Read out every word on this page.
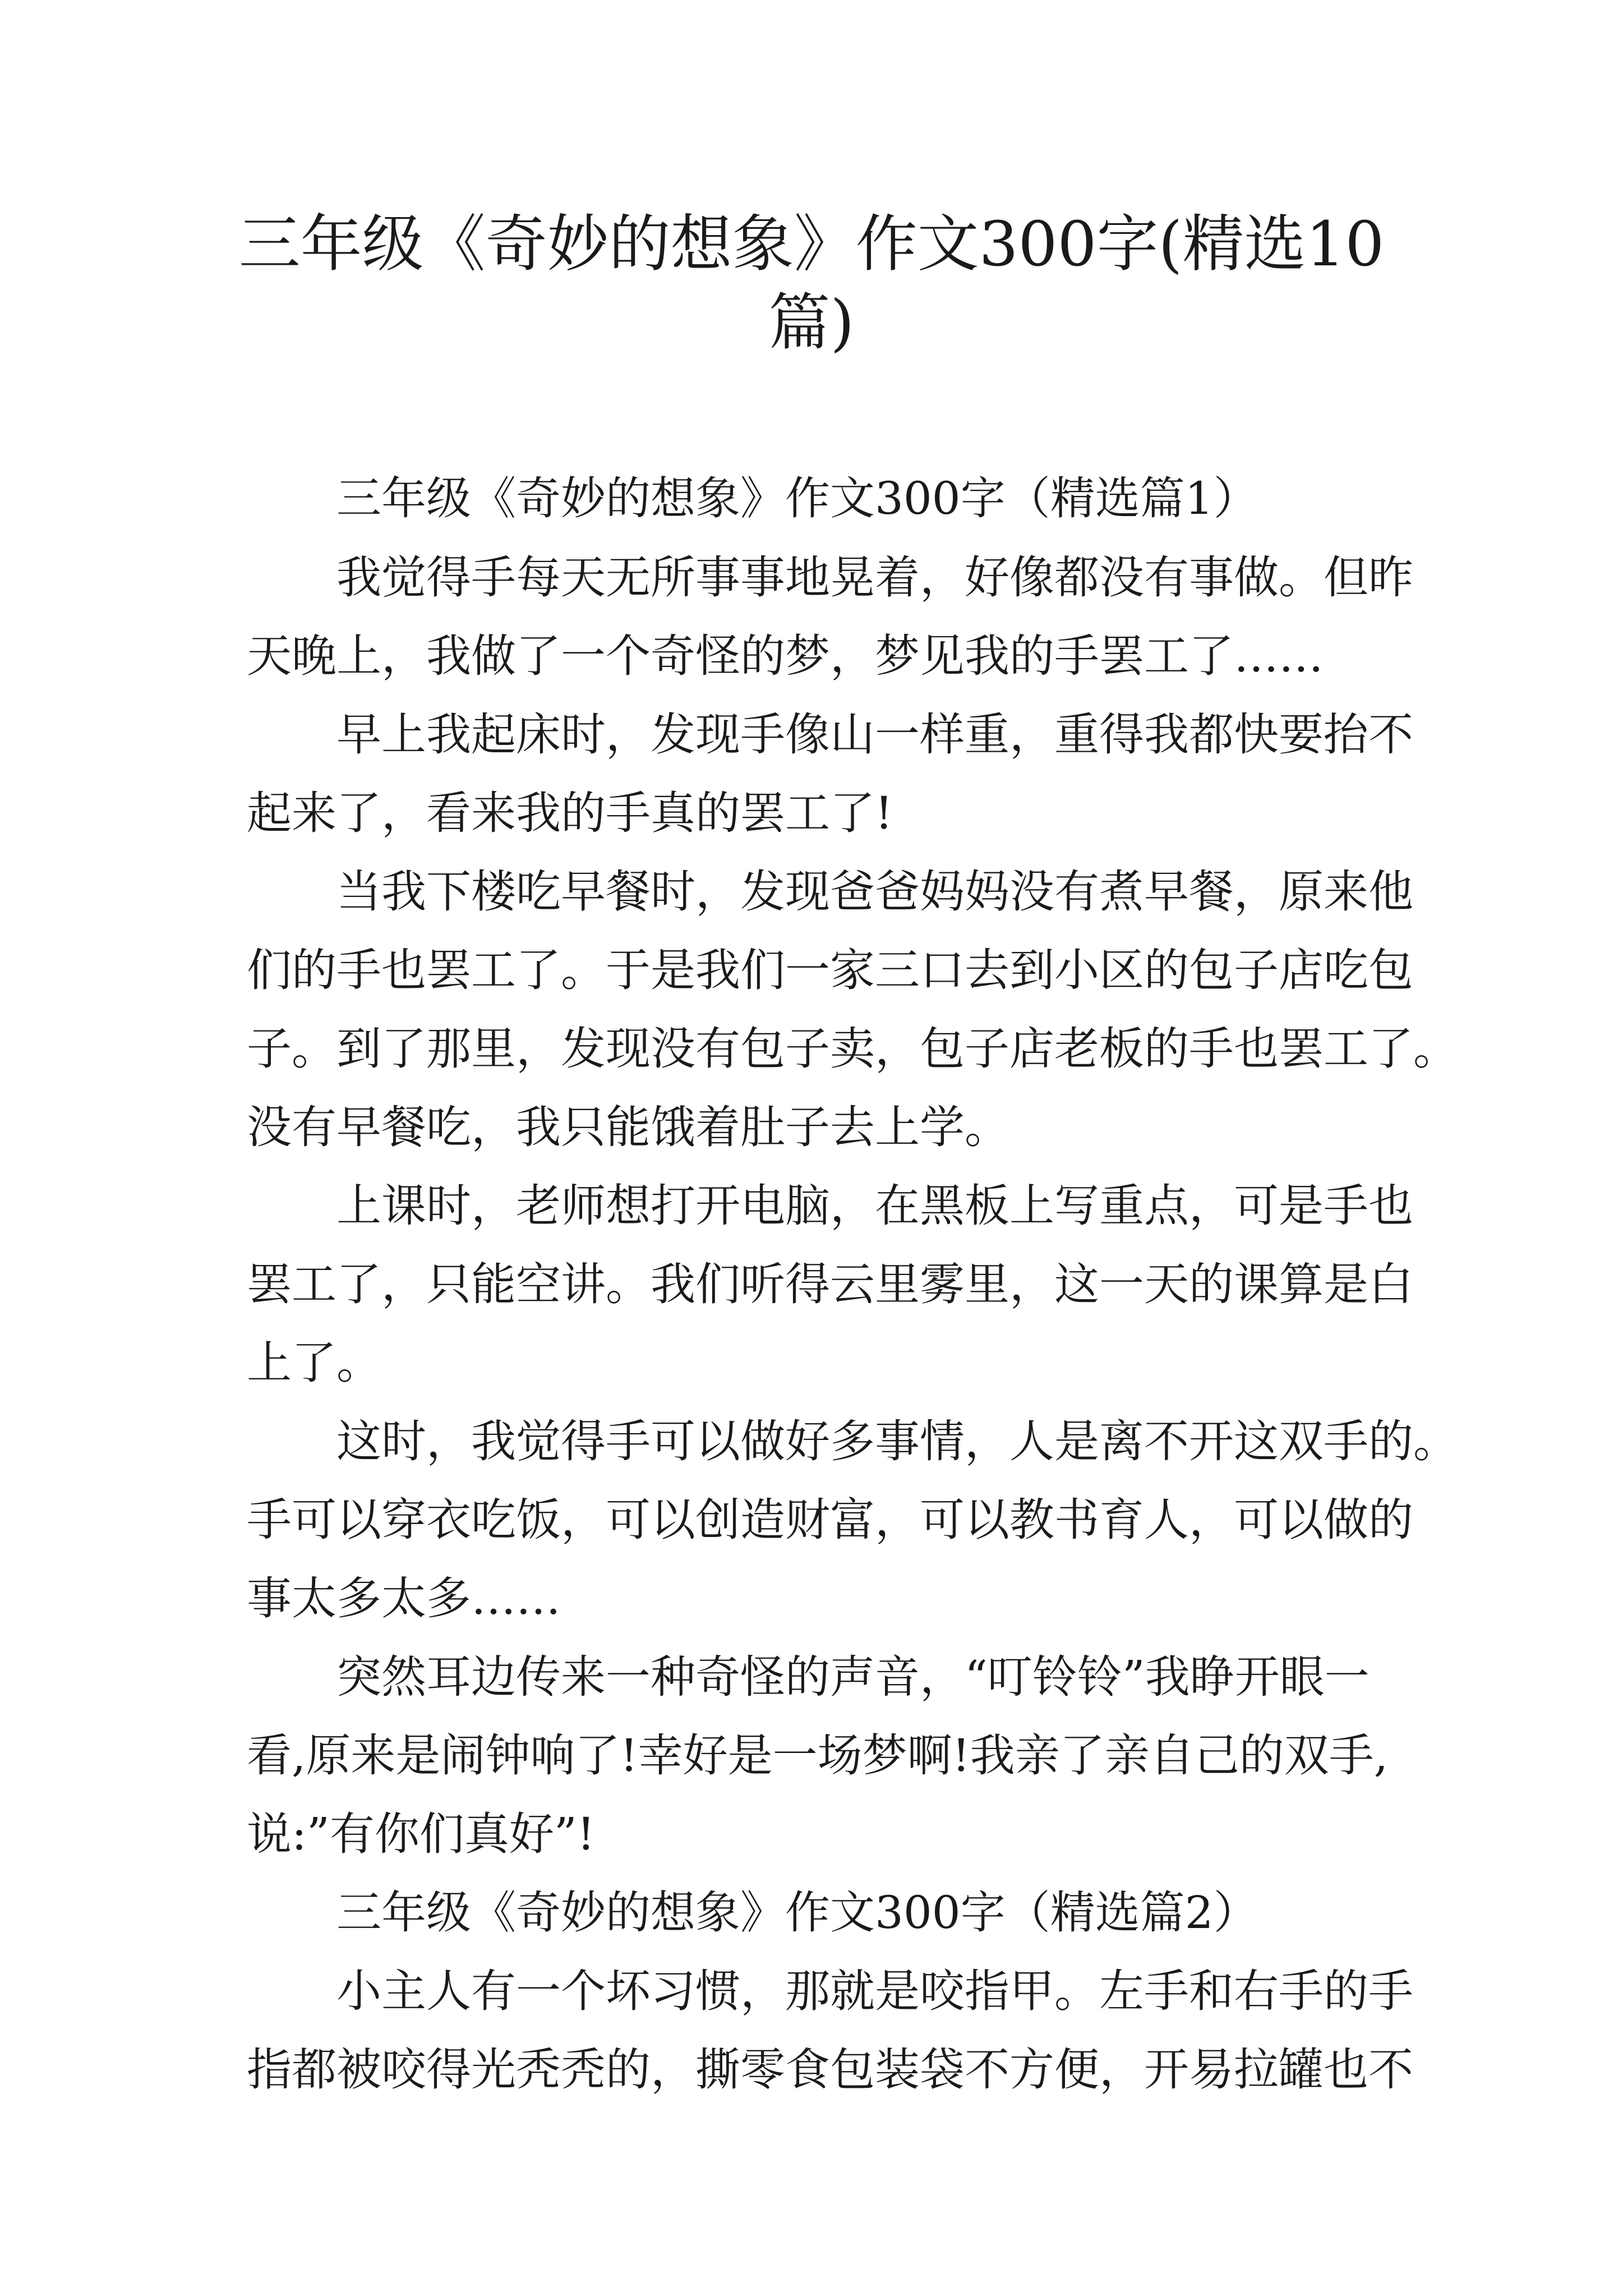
三年级《奇妙的想象》作文300字(精选10
篇)

三年级《奇妙的想象》作文300字（精选篇1）

我觉得手每天无所事事地晃着，好像都没有事做。但昨

天晚上，我做了一个奇怪的梦，梦见我的手罢工了……

早上我起床时，发现手像山一样重，重得我都快要抬不

起来了，看来我的手真的罢工了!

当我下楼吃早餐时，发现爸爸妈妈没有煮早餐，原来他

们的手也罢工了。于是我们一家三口去到小区的包子店吃包

子。到了那里，发现没有包子卖，包子店老板的手也罢工了。

没有早餐吃，我只能饿着肚子去上学。

上课时，老师想打开电脑，在黑板上写重点，可是手也

罢工了，只能空讲。我们听得云里雾里，这一天的课算是白

上了。

这时，我觉得手可以做好多事情，人是离不开这双手的。

手可以穿衣吃饭，可以创造财富，可以教书育人，可以做的

事太多太多……

突然耳边传来一种奇怪的声音，“叮铃铃”我睁开眼一

看,原来是闹钟响了!幸好是一场梦啊!我亲了亲自己的双手,

说:”有你们真好”!

三年级《奇妙的想象》作文300字（精选篇2）

小主人有一个坏习惯，那就是咬指甲。左手和右手的手

指都被咬得光秃秃的，撕零食包装袋不方便，开易拉罐也不
